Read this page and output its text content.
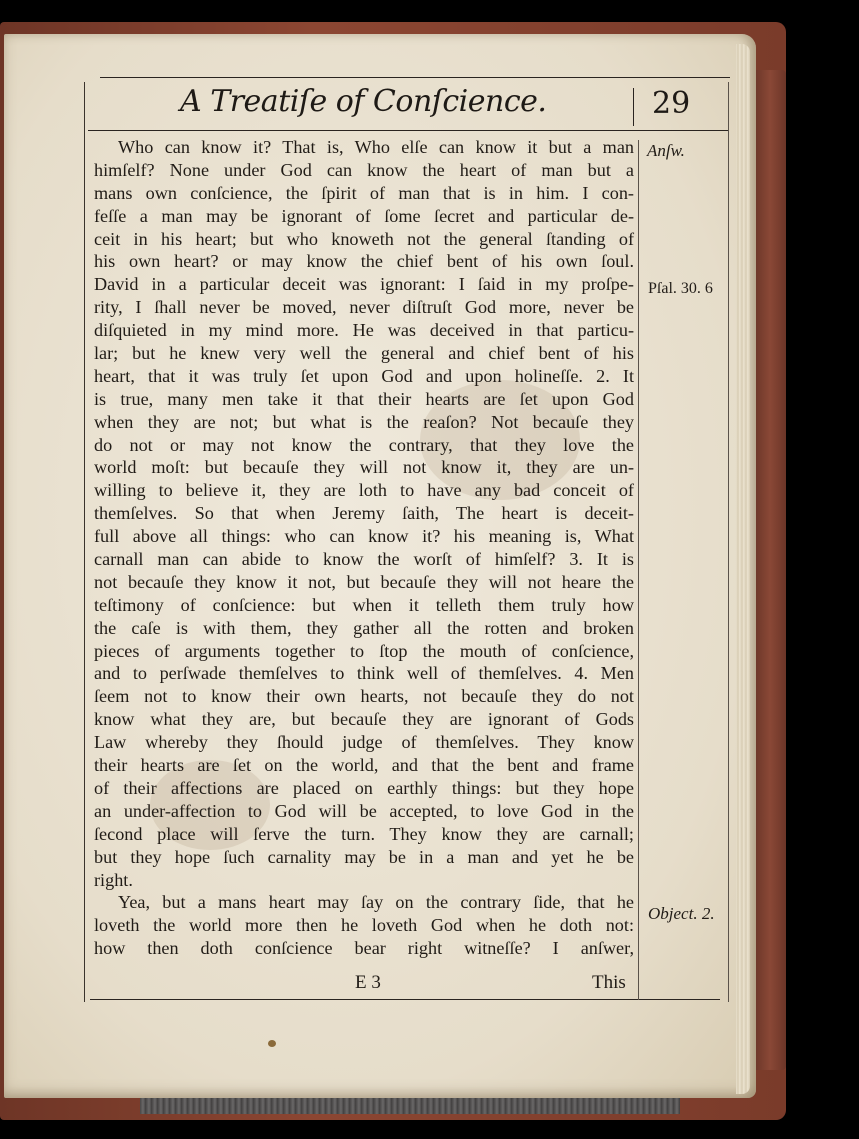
A Treatiſe of Conſcience.	29
Who can know it? That is, Who elſe can know it but a man
himſelf? None under God can know the heart of man but a
mans own conſcience, the ſpirit of man that is in him. I con-
feſſe a man may be ignorant of ſome ſecret and particular de-
ceit in his heart; but who knoweth not the general ſtanding of
his own heart? or may know the chief bent of his own ſoul.
David in a particular deceit was ignorant: I ſaid in my proſpe-
rity, I ſhall never be moved, never diſtruſt God more, never be
diſquieted in my mind more. He was deceived in that particu-
lar; but he knew very well the general and chief bent of his
heart, that it was truly ſet upon God and upon holineſſe. 2. It
is true, many men take it that their hearts are ſet upon God
when they are not; but what is the reaſon? Not becauſe they
do not or may not know the contrary, that they love the
world moſt: but becauſe they will not know it, they are un-
willing to believe it, they are loth to have any bad conceit of
themſelves. So that when Jeremy ſaith, The heart is deceit-
full above all things: who can know it? his meaning is, What
carnall man can abide to know the worſt of himſelf? 3. It is
not becauſe they know it not, but becauſe they will not heare the
teſtimony of conſcience: but when it telleth them truly how
the caſe is with them, they gather all the rotten and broken
pieces of arguments together to ſtop the mouth of conſcience,
and to perſwade themſelves to think well of themſelves. 4. Men
ſeem not to know their own hearts, not becauſe they do not
know what they are, but becauſe they are ignorant of Gods
Law whereby they ſhould judge of themſelves. They know
their hearts are ſet on the world, and that the bent and frame
of their affections are placed on earthly things: but they hope
an under-affection to God will be accepted, to love God in the
ſecond place will ſerve the turn. They know they are carnall;
but they hope ſuch carnality may be in a man and yet he be
right.
Yea, but a mans heart may ſay on the contrary ſide, that he
loveth the world more then he loveth God when he doth not:
how then doth conſcience bear right witneſſe? I anſwer,
Anſw.
Pſal. 30. 6
Object. 2.
E 3	This
